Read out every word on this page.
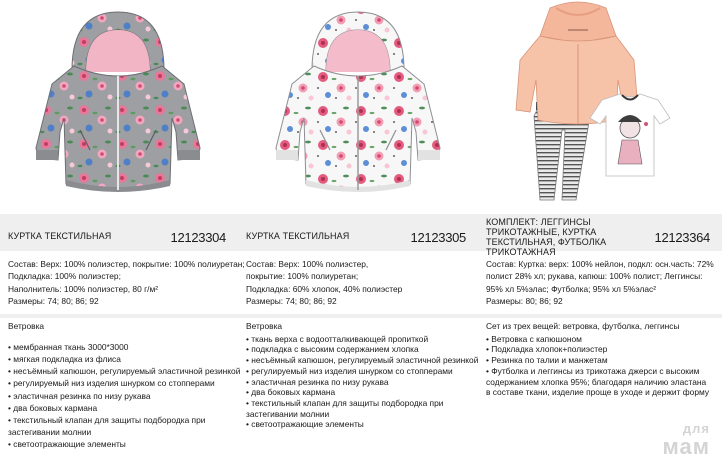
КУРТКА ТЕКСТИЛЬНАЯ	12123304
Состав: Верх: 100% полиэстер, покрытие: 100% полиуретан;
Подкладка: 100% полиэстер;
Наполнитель: 100% полиэстер, 80 г/м²
Размеры: 74; 80; 86; 92
Ветровка
• мембранная ткань 3000*3000
• мягкая подкладка из флиса
• несъёмный капюшон, регулируемый эластичной резинкой
• регулируемый низ изделия шнурком со стопперами
• эластичная резинка по низу рукава
• два боковых кармана
• текстильный клапан для защиты подбородка при
застегивании молнии
• светоотражающие элементы
КУРТКА ТЕКСТИЛЬНАЯ	12123305
Состав: Верх: 100% полиэстер,
покрытие: 100% полиуретан;
Подкладка: 60% хлопок, 40% полиэстер
Размеры: 74; 80; 86; 92
Ветровка
• ткань верха с водоотталкивающей пропиткой
• подкладка с высоким содержанием хлопка
• несъёмный капюшон, регулируемый эластичной резинкой
• регулируемый низ изделия шнурком со стопперами
• эластичная резинка по низу рукава
• два боковых кармана
• текстильный клапан для защиты подбородка при
застегивании молнии
• светоотражающие элементы
КОМПЛЕКТ: ЛЕГГИНСЫ ТРИКОТАЖНЫЕ, КУРТКА ТЕКСТИЛЬНАЯ, ФУТБОЛКА ТРИКОТАЖНАЯ
12123364
Состав: Куртка: верх: 100% нейлон, подкл: осн.часть: 72%
полист 28% хл; рукава, капюш: 100% полист; Леггинсы:
95% хл 5%элас; Футболка; 95% хл 5%элас²
Размеры: 80; 86; 92
Сет из трех вещей: ветровка, футболка, леггинсы
• Ветровка с капюшоном
• Подкладка хлопок+полиэстер
• Резинка по талии и манжетам
• Футболка и леггинсы из трикотажа джерси с высоким
содержанием хлопка 95%; благодаря наличию эластана
в составе ткани, изделие проще в уходе и держит форму
для
мам
